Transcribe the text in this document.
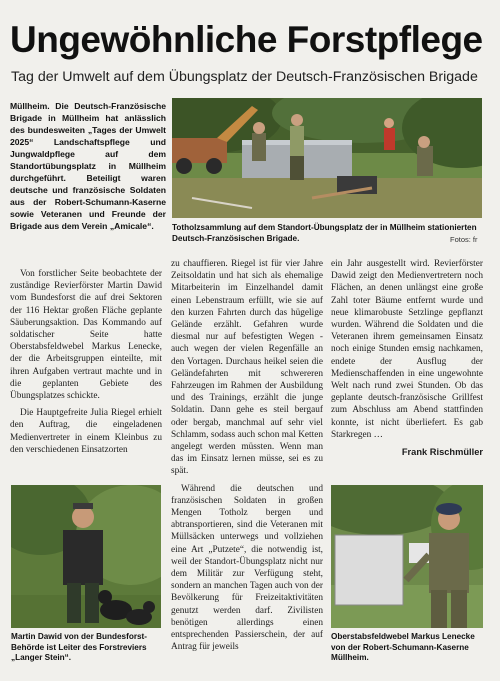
Ungewöhnliche Forstpflege
Tag der Umwelt auf dem Übungsplatz der Deutsch-Französischen Brigade
Müllheim. Die Deutsch-Französische Brigade in Müllheim hat anlässlich des bundesweiten „Tages der Umwelt 2025“ Landschaftspflege und Jungwaldpflege auf dem Standortübungsplatz in Müllheim durchgeführt. Beteiligt waren deutsche und französische Soldaten aus der Robert-Schumann-Kaserne sowie Veteranen und Freunde der Brigade aus dem Verein „Amicale“.	Totholzsammlung auf dem Standort-Übungsplatz der in Müllheim stationierten Deutsch-Französischen Brigade.	Fotos: fr

Von forstlicher Seite beobachtete der zuständige Revierförster Martin Dawid vom Bundesforst die auf drei Sektoren der 116 Hektar großen Fläche geplante Säuberungsaktion. Das Kommando auf soldatischer Seite hatte Oberstabsfeldwebel Markus Lenecke, der die Arbeitsgruppen einteilte, mit ihren Aufgaben vertraut machte und in die geplanten Gebiete des Übungsplatzes schickte.

Die Hauptgefreite Julia Riegel erhielt den Auftrag, die eingeladenen Medienvertreter in einem Kleinbus zu den verschiedenen Einsatzorten

zu chauffieren. Riegel ist für vier Jahre Zeitsoldatin und hat sich als ehemalige Mitarbeiterin im Einzelhandel damit einen Lebenstraum erfüllt, wie sie auf den kurzen Fahrten durch das hügelige Gelände erzählt. Gefahren wurde diesmal nur auf befestigten Wegen - auch wegen der vielen Regenfälle an den Vortagen. Durchaus heikel seien die Geländefahrten mit schwereren Fahrzeugen im Rahmen der Ausbildung und des Trainings, erzählt die junge Soldatin. Dann gehe es steil bergauf oder bergab, manchmal auf sehr viel Schlamm, sodass auch schon mal Ketten angelegt werden müssten. Wenn man das im Einsatz lernen müsse, sei es zu spät.

Während die deutschen und französischen Soldaten in großen Mengen Totholz bergen und abtransportieren, sind die Veteranen mit Müllsäcken unterwegs und vollziehen eine Art „Putzete“, die notwendig ist, weil der Standort-Übungsplatz nicht nur dem Militär zur Verfügung steht, sondern an manchen Tagen auch von der Bevölkerung für Freizeitaktivitäten genutzt werden darf. Zivilisten benötigen allerdings einen entsprechenden Passierschein, der auf Antrag für jeweils

ein Jahr ausgestellt wird. Revierförster Dawid zeigt den Medienvertretern noch Flächen, an denen unlängst eine große Zahl toter Bäume entfernt wurde und neue klimarobuste Setzlinge gepflanzt wurden. Während die Soldaten und die Veteranen ihrem gemeinsamen Einsatz noch einige Stunden emsig nachkamen, endete der Ausflug der Medienschaffenden in eine ungewohnte Welt nach rund zwei Stunden. Ob das geplante deutsch-französische Grillfest zum Abschluss am Abend stattfinden konnte, ist nicht überliefert. Es gab Starkregen …

Frank Rischmüller
Martin Dawid von der Bundesforst-Behörde ist Leiter des Forstreviers „Langer Stein“.
Oberstabsfeldwebel Markus Lenecke von der Robert-Schumann-Kaserne Müllheim.
